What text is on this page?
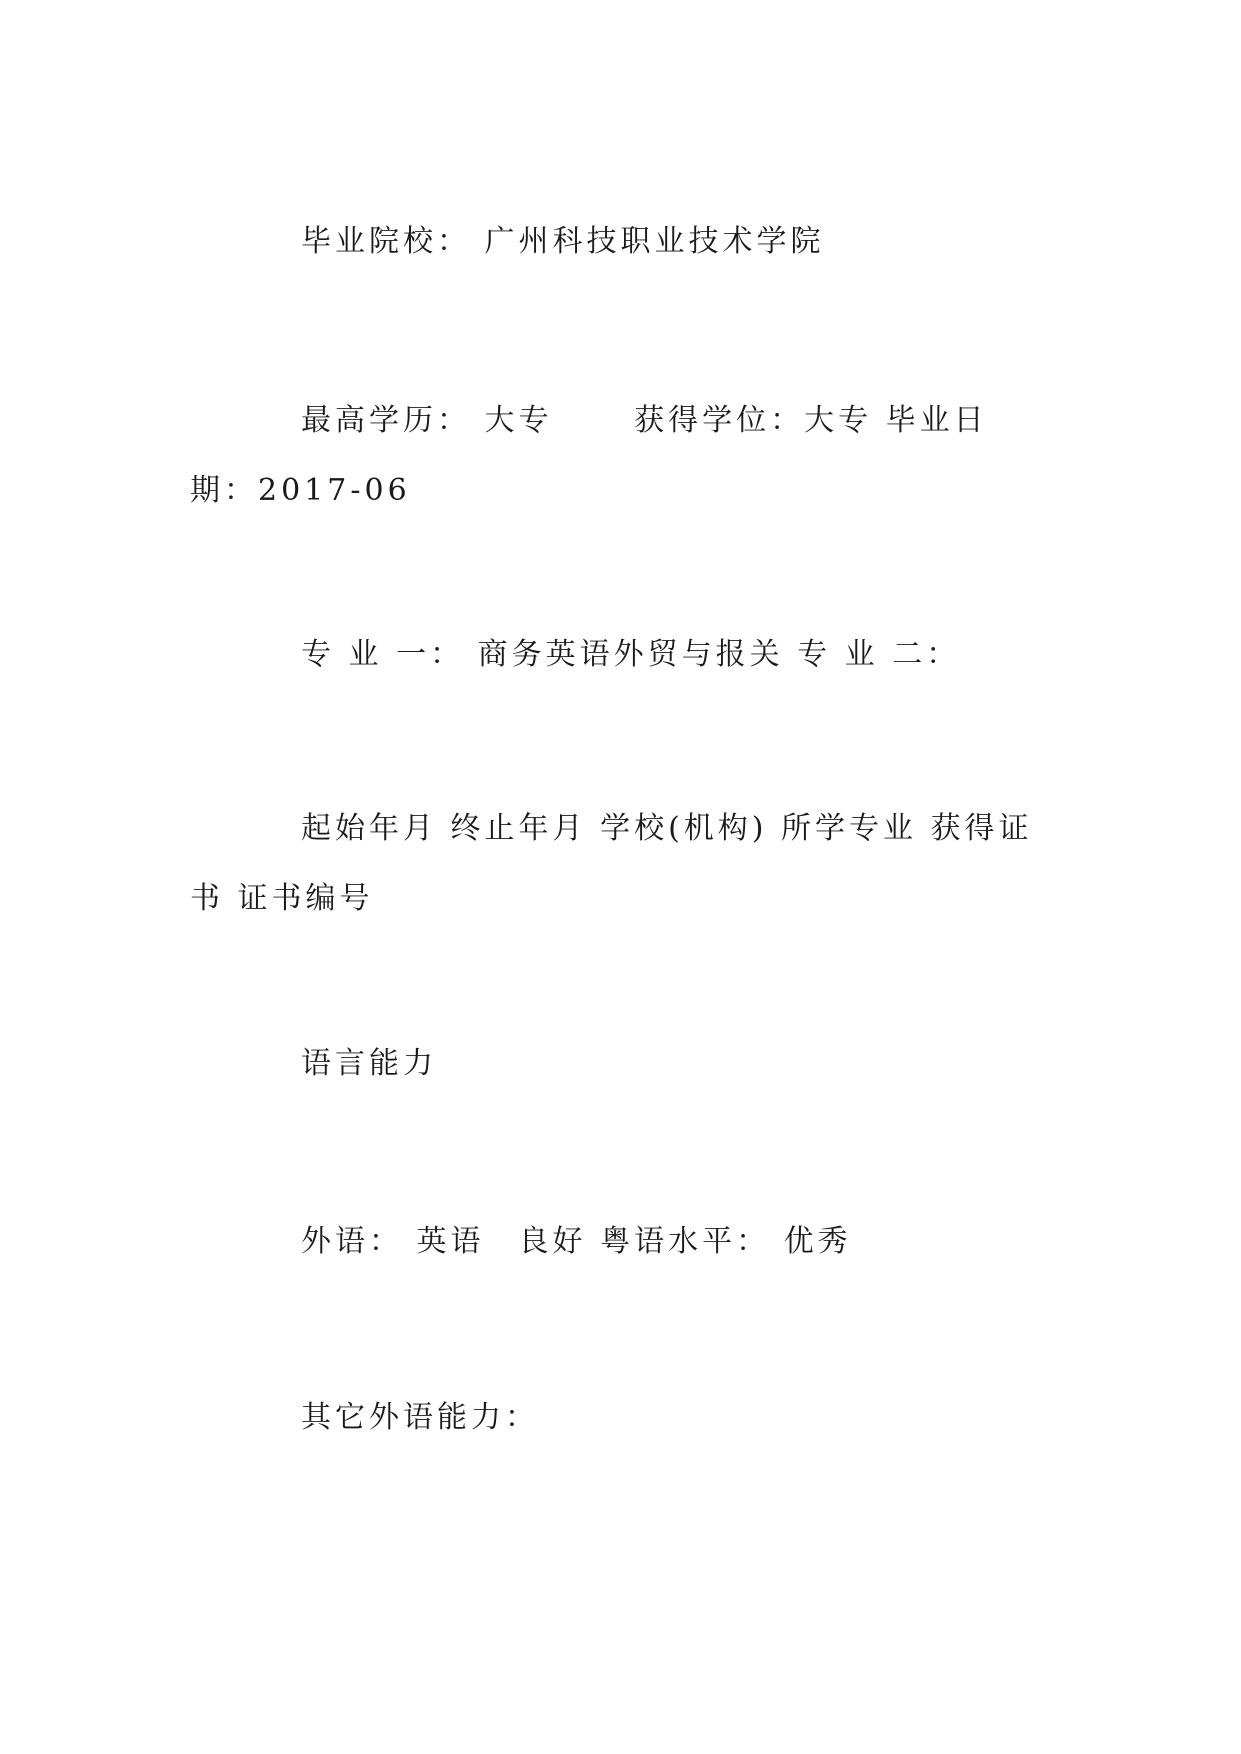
毕业院校： 广州科技职业技术学院

最高学历： 大专　　 获得学位：大专 毕业日期：2017-06

专 业 一： 商务英语外贸与报关 专 业 二：

起始年月 终止年月 学校(机构) 所学专业 获得证书 证书编号

语言能力

外语： 英语　良好 粤语水平： 优秀

其它外语能力：
